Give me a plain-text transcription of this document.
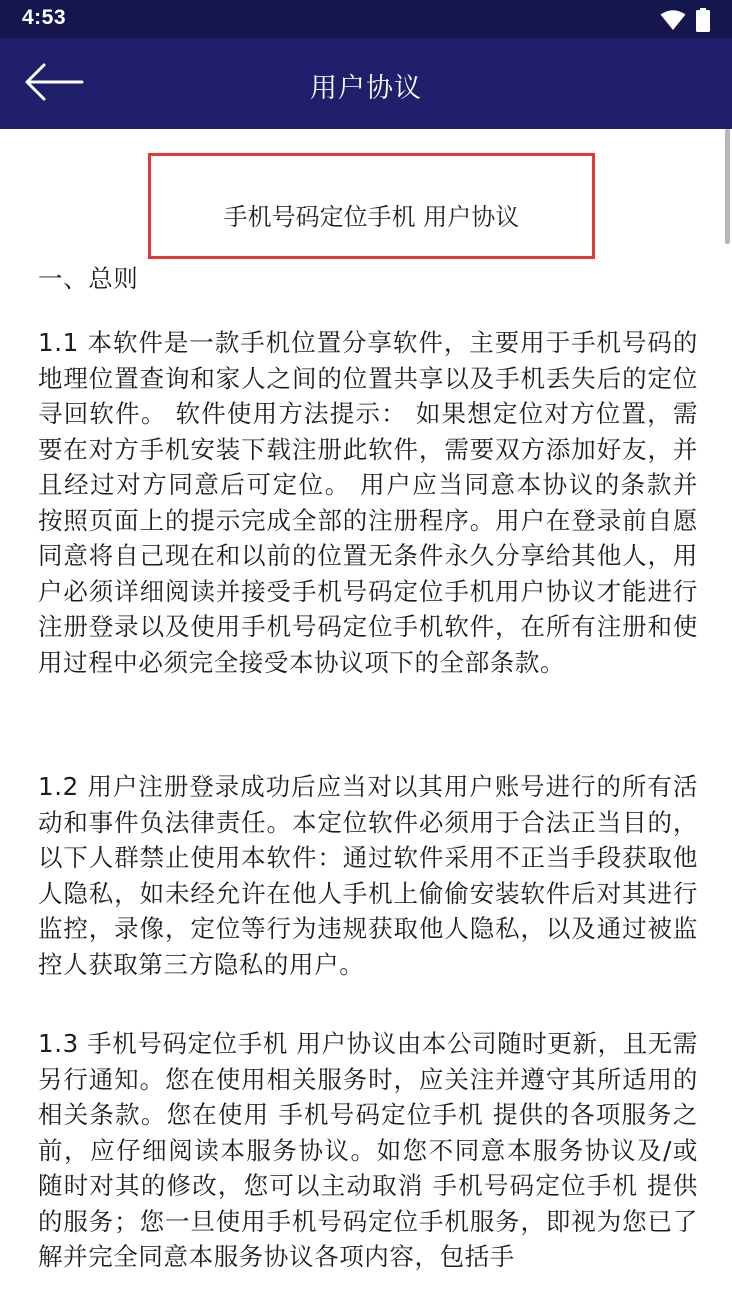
4:53
用户协议
手机号码定位手机 用户协议
一、总则

1.1 本软件是一款手机位置分享软件，主要用于手机号码的地理位置查询和家人之间的位置共享以及手机丢失后的定位寻回软件。 软件使用方法提示： 如果想定位对方位置，需要在对方手机安装下载注册此软件，需要双方添加好友，并且经过对方同意后可定位。 用户应当同意本协议的条款并按照页面上的提示完成全部的注册程序。用户在登录前自愿同意将自己现在和以前的位置无条件永久分享给其他人，用户必须详细阅读并接受手机号码定位手机用户协议才能进行注册登录以及使用手机号码定位手机软件，在所有注册和使用过程中必须完全接受本协议项下的全部条款。

1.2 用户注册登录成功后应当对以其用户账号进行的所有活动和事件负法律责任。本定位软件必须用于合法正当目的，以下人群禁止使用本软件：通过软件采用不正当手段获取他人隐私，如未经允许在他人手机上偷偷安装软件后对其进行监控，录像，定位等行为违规获取他人隐私，以及通过被监控人获取第三方隐私的用户。

1.3 手机号码定位手机 用户协议由本公司随时更新，且无需另行通知。您在使用相关服务时，应关注并遵守其所适用的相关条款。您在使用 手机号码定位手机 提供的各项服务之前，应仔细阅读本服务协议。如您不同意本服务协议及/或随时对其的修改，您可以主动取消 手机号码定位手机 提供的服务；您一旦使用手机号码定位手机服务，即视为您已了解并完全同意本服务协议各项内容，包括手
